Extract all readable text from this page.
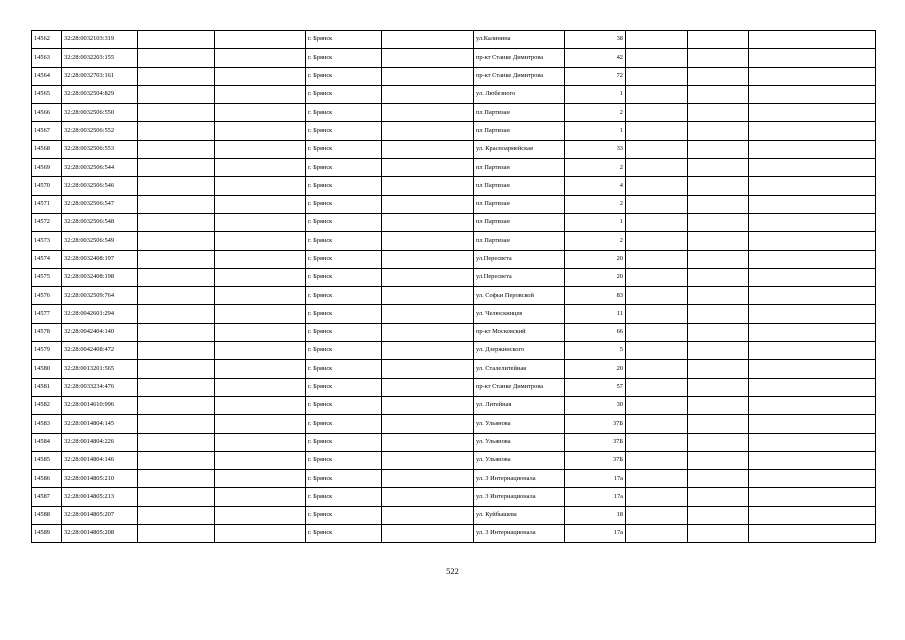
14562	32:28:0032103:319			г. Брянск		ул.Калинина	38			
14563	32:28:0032203:155			г. Брянск		пр-кт Станке Димитрова	42			
14564	32:28:0032703:161			г. Брянск		пр-кт Станке Димитрова	72			
14565	32:28:0032504:829			г. Брянск		ул. Любезного	1			
14566	32:28:0032506:550			г. Брянск		пл Партизан	2			
14567	32:28:0032506:552			г. Брянск		пл Партизан	1			
14568	32:28:0032506:553			г. Брянск		ул. Красноармейская	33			
14569	32:28:0032506:544			г. Брянск		пл Партизан	2			
14570	32:28:0032506:546			г. Брянск		пл Партизан	4			
14571	32:28:0032506:547			г. Брянск		пл Партизан	2			
14572	32:28:0032506:548			г. Брянск		пл Партизан	1			
14573	32:28:0032506:549			г. Брянск		пл Партизан	2			
14574	32:28:0032408:197			г. Брянск		ул.Пересвета	20			
14575	32:28:0032408:198			г. Брянск		ул.Пересвета	20			
14576	32:28:0032509:764			г. Брянск		ул. Софьи Перовской	83			
14577	32:28:0042601:294			г. Брянск		ул. Челюскинцев	11			
14578	32:28:0042404:140			г. Брянск		пр-кт Московский	66			
14579	32:28:0042408:472			г. Брянск		ул. Дзержинского	5			
14580	32:28:0013201:565			г. Брянск		ул. Сталелитейная	20			
14581	32:28:0033234:476			г. Брянск		пр-кт Станке Димитрова	57			
14582	32:28:0014610:996			г. Брянск		ул. Литейная	30			
14583	32:28:0014804:145			г. Брянск		ул. Ульянова	37Б			
14584	32:28:0014804:226			г. Брянск		ул. Ульянова	37Б			
14585	32:28:0014804:146			г. Брянск		ул. Ульянова	37Б			
14586	32:28:0014805:210			г. Брянск		ул. 3 Интернационала	17а			
14587	32:28:0014805:213			г. Брянск		ул. 3 Интернационала	17а			
14588	32:28:0014805:207			г. Брянск		ул. Куйбышева	18			
14589	32:28:0014805:208			г. Брянск		ул. 3 Интернационала	17а			
522
